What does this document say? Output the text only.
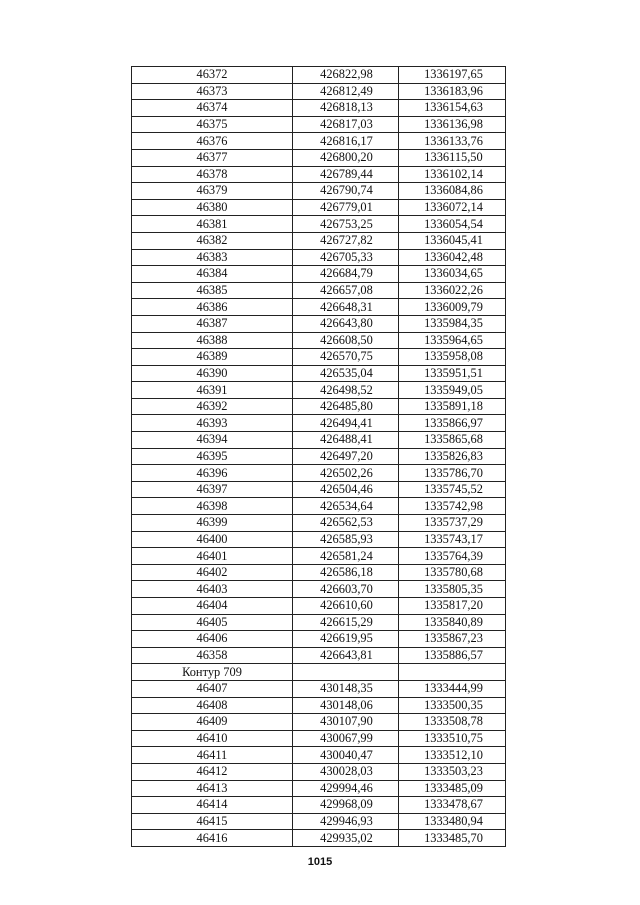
46372	426822,98	1336197,65
46373	426812,49	1336183,96
46374	426818,13	1336154,63
46375	426817,03	1336136,98
46376	426816,17	1336133,76
46377	426800,20	1336115,50
46378	426789,44	1336102,14
46379	426790,74	1336084,86
46380	426779,01	1336072,14
46381	426753,25	1336054,54
46382	426727,82	1336045,41
46383	426705,33	1336042,48
46384	426684,79	1336034,65
46385	426657,08	1336022,26
46386	426648,31	1336009,79
46387	426643,80	1335984,35
46388	426608,50	1335964,65
46389	426570,75	1335958,08
46390	426535,04	1335951,51
46391	426498,52	1335949,05
46392	426485,80	1335891,18
46393	426494,41	1335866,97
46394	426488,41	1335865,68
46395	426497,20	1335826,83
46396	426502,26	1335786,70
46397	426504,46	1335745,52
46398	426534,64	1335742,98
46399	426562,53	1335737,29
46400	426585,93	1335743,17
46401	426581,24	1335764,39
46402	426586,18	1335780,68
46403	426603,70	1335805,35
46404	426610,60	1335817,20
46405	426615,29	1335840,89
46406	426619,95	1335867,23
46358	426643,81	1335886,57
Контур 709		
46407	430148,35	1333444,99
46408	430148,06	1333500,35
46409	430107,90	1333508,78
46410	430067,99	1333510,75
46411	430040,47	1333512,10
46412	430028,03	1333503,23
46413	429994,46	1333485,09
46414	429968,09	1333478,67
46415	429946,93	1333480,94
46416	429935,02	1333485,70
1015
